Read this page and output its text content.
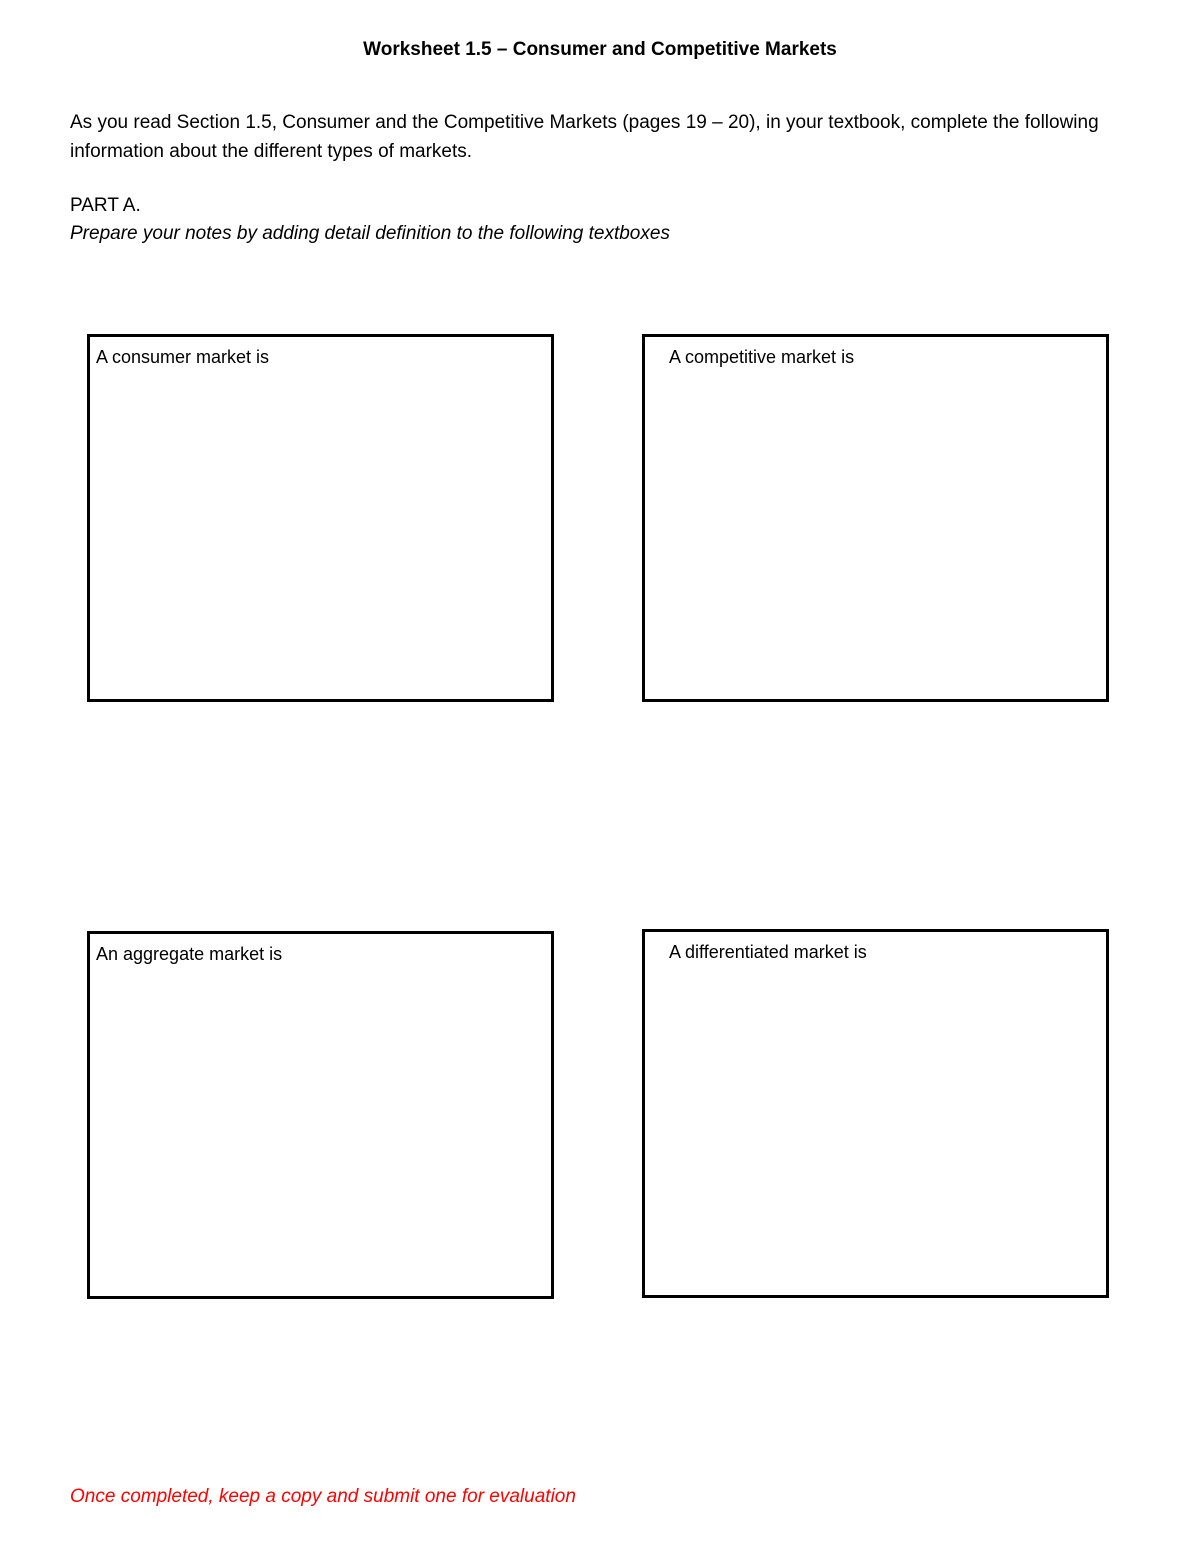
Worksheet 1.5 – Consumer and Competitive Markets
As you read Section 1.5, Consumer and the Competitive Markets (pages 19 – 20), in your textbook, complete the following information about the different types of markets.
PART A.
Prepare your notes by adding detail definition to the following textboxes
A consumer market is	A competitive market is
An aggregate market is	A differentiated market is
Once completed, keep a copy and submit one for evaluation
